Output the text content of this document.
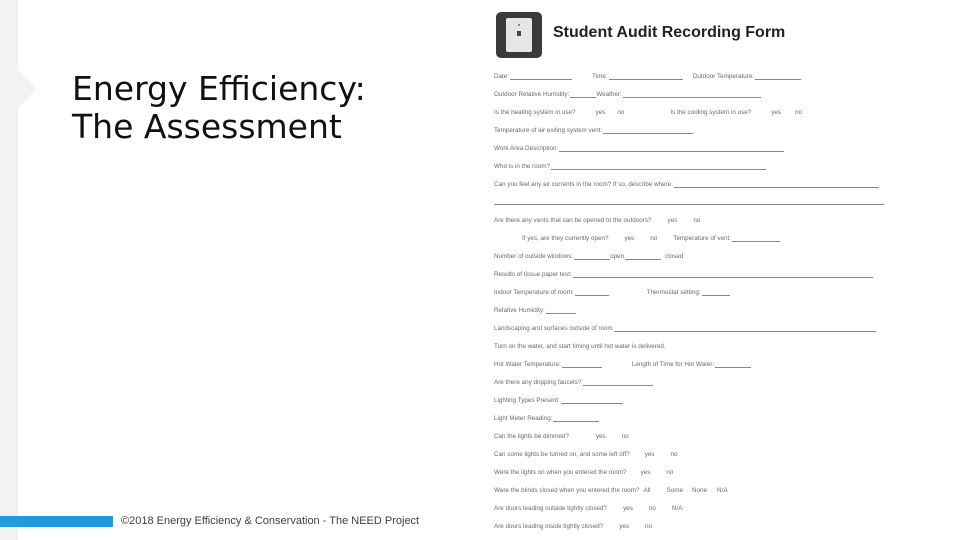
Energy Efficiency:
The Assessment
©2018 Energy Efficiency & Conservation - The NEED Project
Student Audit Recording Form
Date:	Time:	Outdoor Temperature:
Outdoor Relative Humidity:	Weather:
Is the heating system in use?	yes no	Is the cooling system in use?	yes no
Temperature of air exiting system vent:
Work Area Description:
Who is in the room?
Can you feel any air currents in the room? If so, describe where:
Are there any vents that can be opened to the outdoors?	yes	no
If yes, are they currently open?	yes	no	Temperature of vent:
Number of outside windows:	open	closed
Results of tissue paper test:
Indoor Temperature of room:	Thermostat setting:
Relative Humidity:
Landscaping and surfaces outside of room
Turn on the water, and start timing until hot water is delivered.
Hot Water Temperature:	Length of Time for Hot Water:
Are there any dripping faucets?
Lighting Types Present:
Light Meter Reading:
Can the lights be dimmed?	yes	no
Can some lights be turned on, and some left off? yes	no
Were the lights on when you entered the room? yes	no
Were the blinds closed when you entered the room? All	Some None N/A
Are doors leading outside tightly closed?	yes	no	N/A
Are doors leading inside tightly closed?	yes	no
